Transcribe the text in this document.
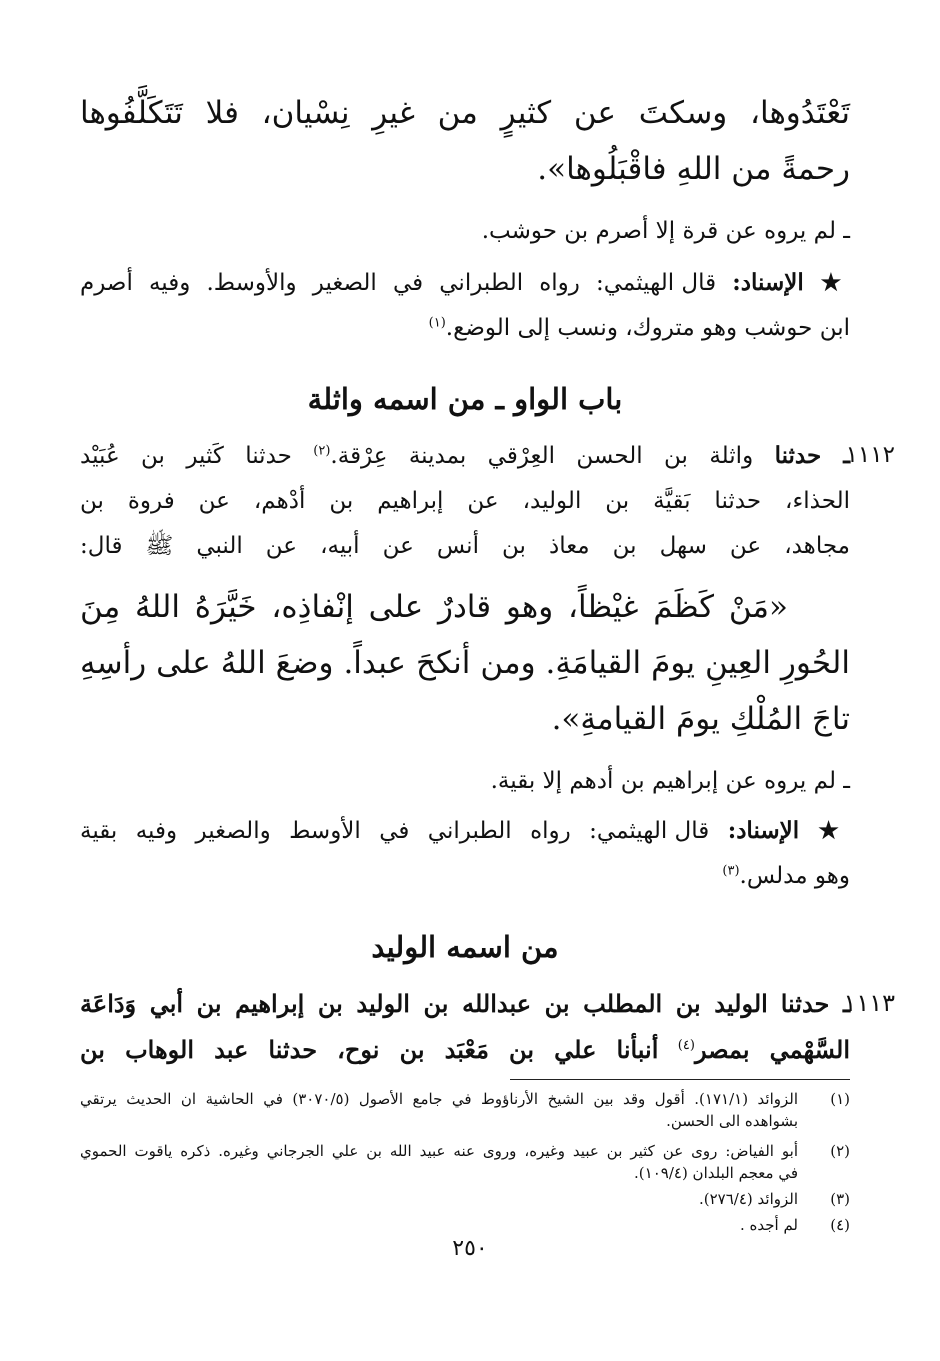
تَعْتَدُوها، وسكتَ عن كثيرٍ من غيرِ نِسْيان، فلا تَتَكَلَّفُوها
رحمةً من اللهِ فاقْبَلُوها».
ـ لم يروه عن قرة إلا أصرم بن حوشب.
★ الإسناد: قال الهيثمي: رواه الطبراني في الصغير والأوسط. وفيه أصرم
ابن حوشب وهو متروك، ونسب إلى الوضع.$^{(١)}$
باب الواو ـ من اسمه واثلة
١١١٢
ـ حدثنا واثلة بن الحسن العِرْقي بمدينة عِرْقة.$^{(٢)}$ حدثنا كَثير بن عُبَيْد
الحذاء، حدثنا بَقيَّة بن الوليد، عن إبراهيم بن أدْهم، عن فروة بن
مجاهد، عن سهل بن معاذ بن أنس عن أبيه، عن النبي ﷺ قال:
«مَنْ كَظَمَ غيْظاً، وهو قادرٌ على إنْفاذِه، خَيَّرَهُ اللهُ مِنَ
الحُورِ العِينِ يومَ القيامَةِ. ومن أنكحَ عبداً. وضعَ اللهُ على رأسِهِ
تاجَ المُلْكِ يومَ القيامةِ».
ـ لم يروه عن إبراهيم بن أدهم إلا بقية.
★ الإسناد: قال الهيثمي: رواه الطبراني في الأوسط والصغير وفيه بقية
وهو مدلس.$^{(٣)}$
من اسمه الوليد
١١١٣
ـ حدثنا الوليد بن المطلب بن عبدالله بن الوليد بن إبراهيم بن أبي وَدَاعَة
السَّهْمي بمصر$^{(٤)}$ أنبأنا علي بن مَعْبَد بن نوح، حدثنا عبد الوهاب بن
(١)
الزوائد (١٧١/١). أقول وقد بين الشيخ الأرناؤوط في جامع الأصول (٣٠٧٠/٥) في الحاشية ان الحديث يرتقي
بشواهده الى الحسن.
(٢)
أبو الفياض: روى عن كثير بن عبيد وغيره، وروى عنه عبيد الله بن علي الجرجاني وغيره. ذكره ياقوت الحموي
في معجم البلدان (١٠٩/٤).
(٣)
الزوائد (٢٧٦/٤).
(٤)
لم أجده .
٢٥٠
